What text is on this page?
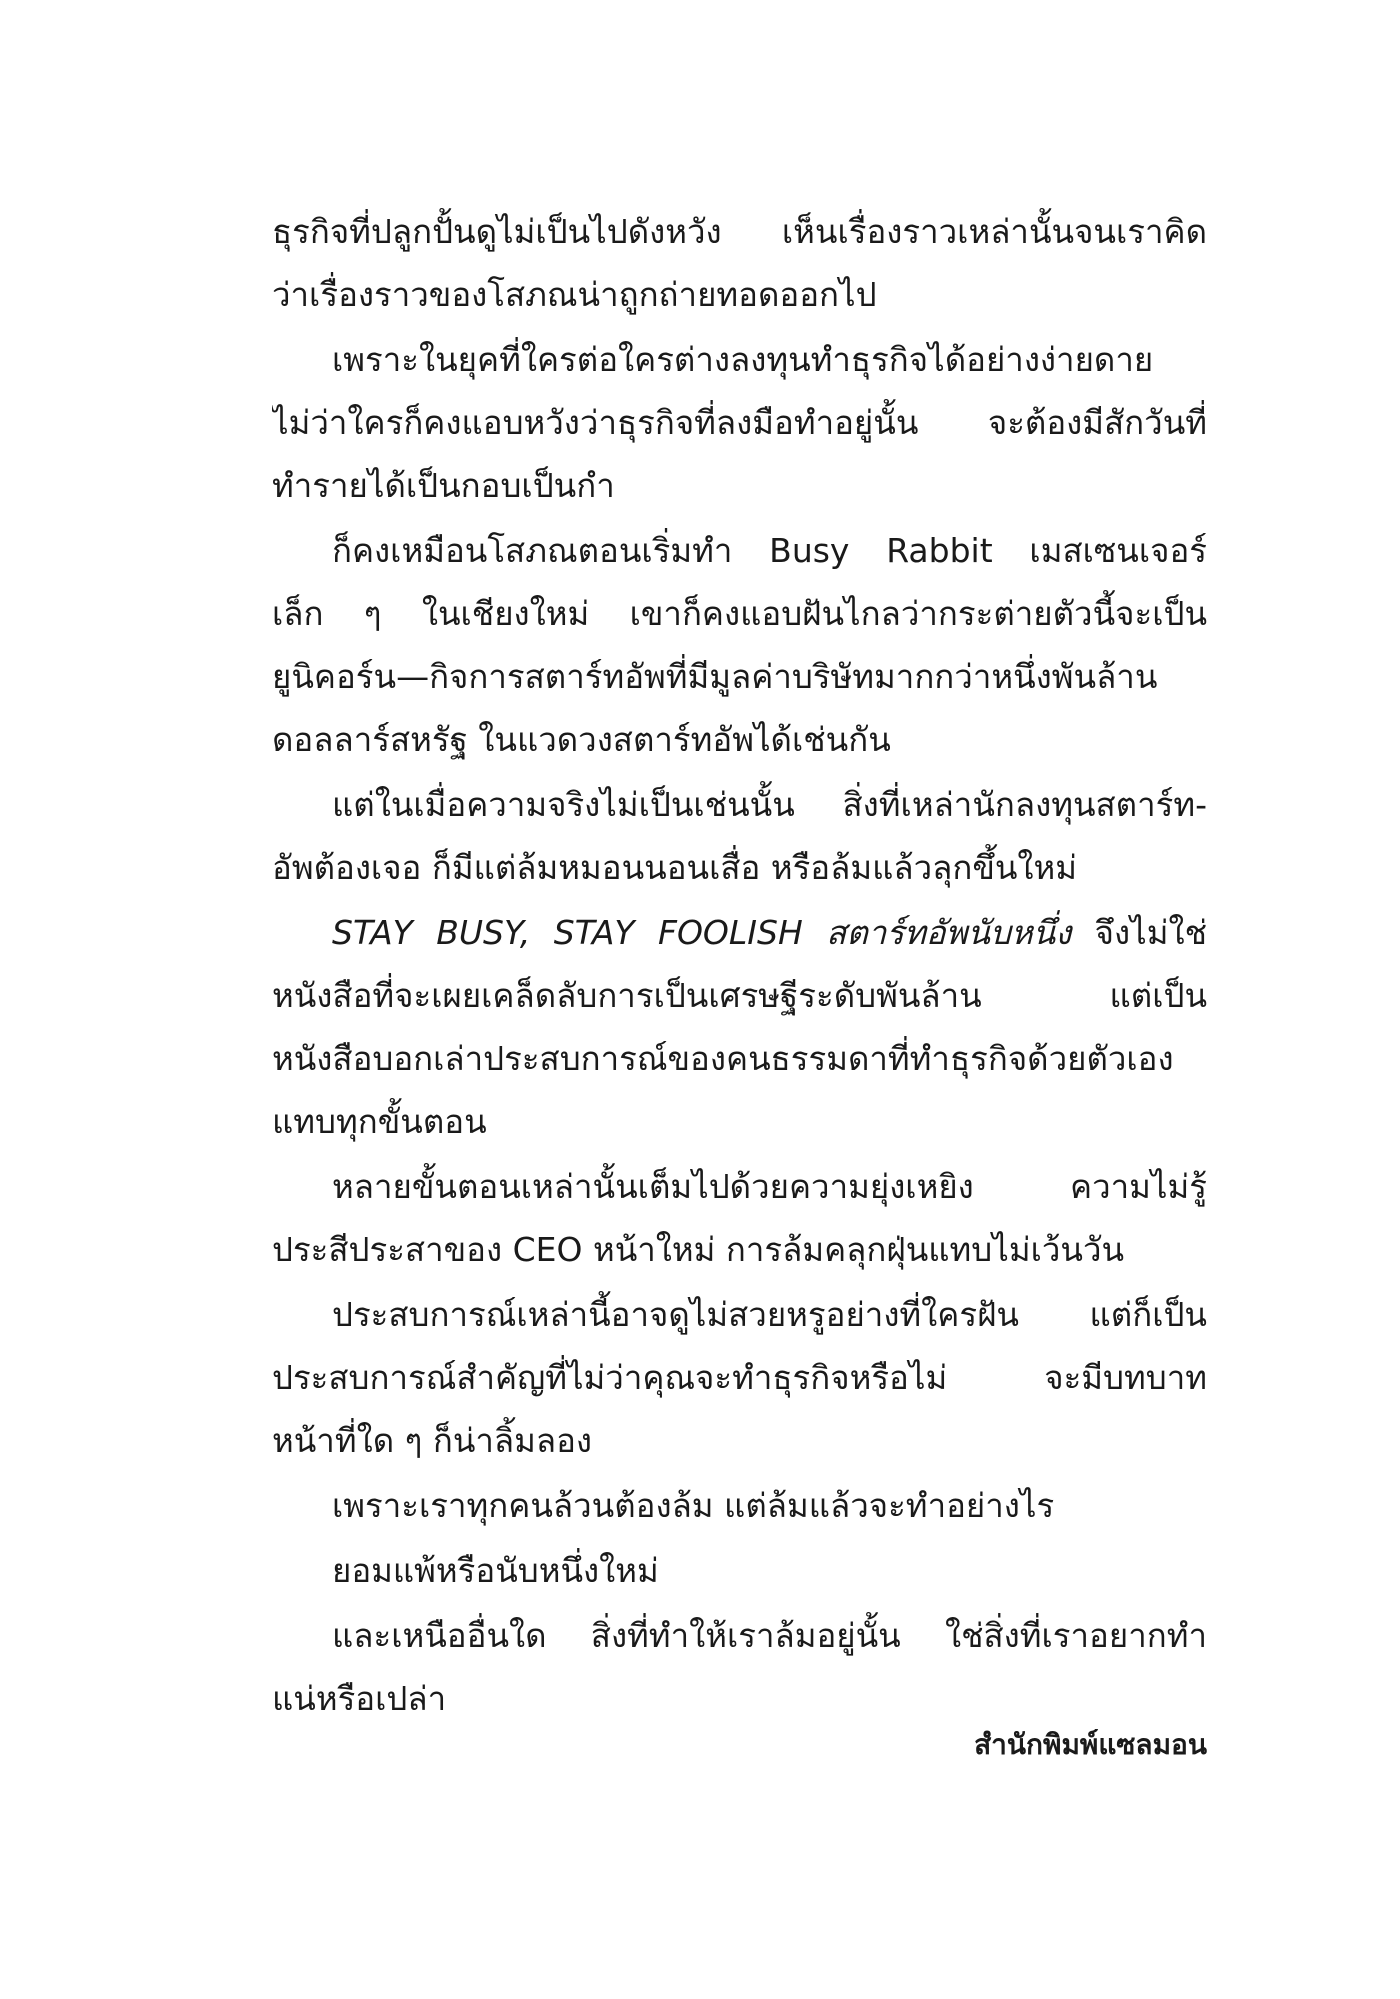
ธุรกิจที่ปลูกปั้นดูไม่เป็นไปดังหวัง เห็นเรื่องราวเหล่านั้นจนเราคิด
ว่าเรื่องราวของโสภณน่าถูกถ่ายทอดออกไป
เพราะในยุคที่ใครต่อใครต่างลงทุนทำธุรกิจได้อย่างง่ายดาย
ไม่ว่าใครก็คงแอบหวังว่าธุรกิจที่ลงมือทำอยู่นั้น จะต้องมีสักวันที่
ทำรายได้เป็นกอบเป็นกำ
ก็คงเหมือนโสภณตอนเริ่มทำ Busy Rabbit เมสเซนเจอร์
เล็ก ๆ ในเชียงใหม่ เขาก็คงแอบฝันไกลว่ากระต่ายตัวนี้จะเป็น
ยูนิคอร์น—กิจการสตาร์ทอัพที่มีมูลค่าบริษัทมากกว่าหนึ่งพันล้าน
ดอลลาร์สหรัฐ ในแวดวงสตาร์ทอัพได้เช่นกัน
แต่ในเมื่อความจริงไม่เป็นเช่นนั้น สิ่งที่เหล่านักลงทุนสตาร์ท-
อัพต้องเจอ ก็มีแต่ล้มหมอนนอนเสื่อ หรือล้มแล้วลุกขึ้นใหม่
STAY BUSY, STAY FOOLISH สตาร์ทอัพนับหนึ่ง จึงไม่ใช่
หนังสือที่จะเผยเคล็ดลับการเป็นเศรษฐีระดับพันล้าน แต่เป็น
หนังสือบอกเล่าประสบการณ์ของคนธรรมดาที่ทำธุรกิจด้วยตัวเอง
แทบทุกขั้นตอน
หลายขั้นตอนเหล่านั้นเต็มไปด้วยความยุ่งเหยิง ความไม่รู้
ประสีประสาของ CEO หน้าใหม่ การล้มคลุกฝุ่นแทบไม่เว้นวัน
ประสบการณ์เหล่านี้อาจดูไม่สวยหรูอย่างที่ใครฝัน แต่ก็เป็น
ประสบการณ์สำคัญที่ไม่ว่าคุณจะทำธุรกิจหรือไม่ จะมีบทบาท
หน้าที่ใด ๆ ก็น่าลิ้มลอง
เพราะเราทุกคนล้วนต้องล้ม แต่ล้มแล้วจะทำอย่างไร
ยอมแพ้หรือนับหนึ่งใหม่
และเหนืออื่นใด สิ่งที่ทำให้เราล้มอยู่นั้น ใช่สิ่งที่เราอยากทำ
แน่หรือเปล่า
สำนักพิมพ์แซลมอน
